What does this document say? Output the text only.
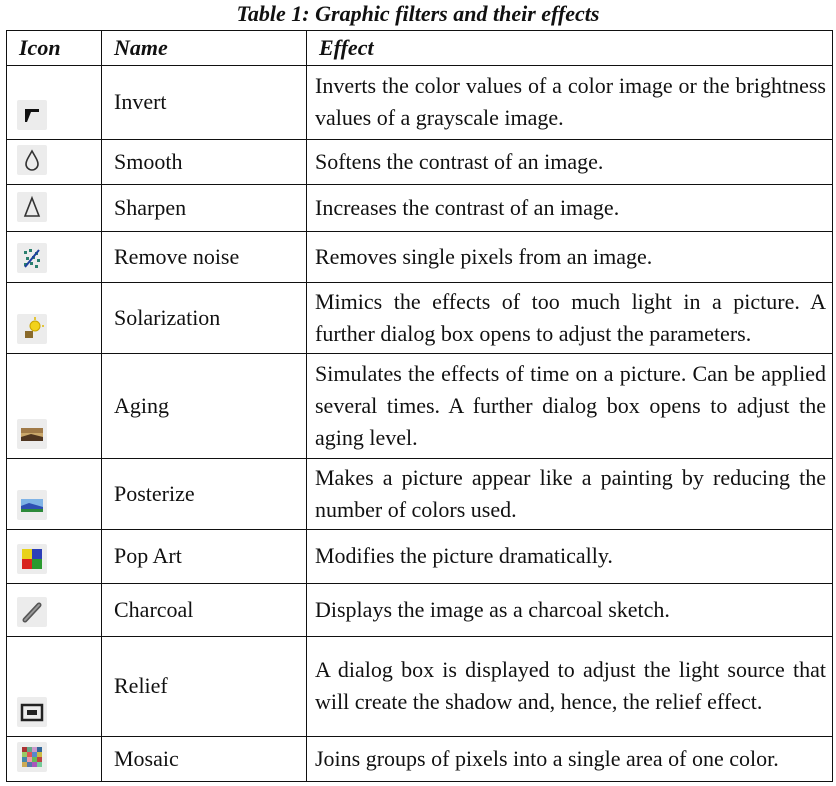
Table 1: Graphic filters and their effects
Icon	Name	Effect

	Invert	Inverts the color values of a color image or the brightness values of a grayscale image.

	Smooth	Softens the contrast of an image.

	Sharpen	Increases the contrast of an image.

	Remove noise	Removes single pixels from an image.

	Solarization	Mimics the effects of too much light in a picture. A further dialog box opens to adjust the parameters.

	Aging	Simulates the effects of time on a picture. Can be applied several times. A further dialog box opens to adjust the aging level.

	Posterize	Makes a picture appear like a painting by reducing the number of colors used.

	Pop Art	Modifies the picture dramatically.

	Charcoal	Displays the image as a charcoal sketch.

	Relief	A dialog box is displayed to adjust the light source that will create the shadow and, hence, the relief effect.

	Mosaic	Joins groups of pixels into a single area of one color.
